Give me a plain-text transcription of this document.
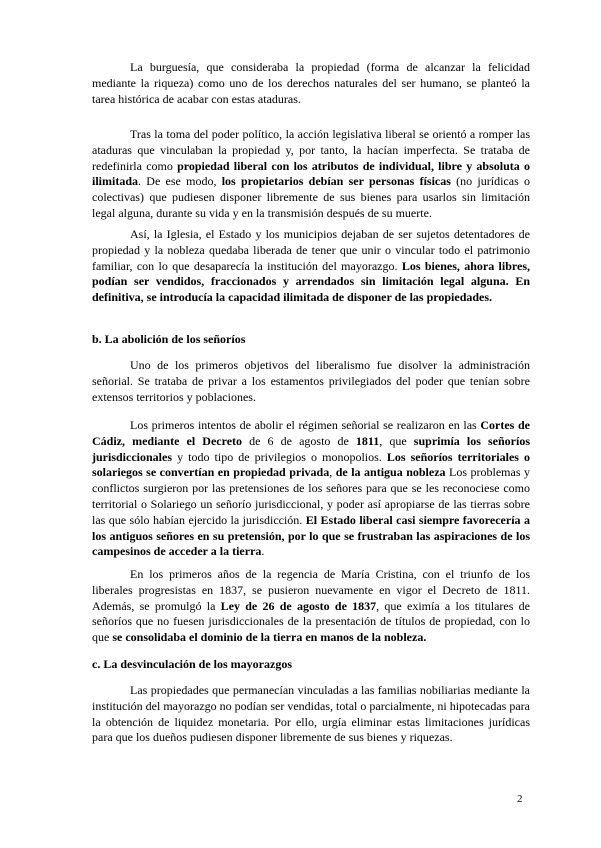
La burguesía, que consideraba la propiedad (forma de alcanzar la felicidad mediante la riqueza) como uno de los derechos naturales del ser humano, se planteó la tarea histórica de acabar con estas ataduras.

Tras la toma del poder político, la acción legislativa liberal se orientó a romper las ataduras que vinculaban la propiedad y, por tanto, la hacían imperfecta. Se trataba de redefinirla como propiedad liberal con los atributos de individual, libre y absoluta o ilimitada. De ese modo, los propietarios debían ser personas físicas (no jurídicas o colectivas) que pudiesen disponer libremente de sus bienes para usarlos sin limitación legal alguna, durante su vida y en la transmisión después de su muerte.

Así, la Iglesia, el Estado y los municipios dejaban de ser sujetos detentadores de propiedad y la nobleza quedaba liberada de tener que unir o vincular todo el patrimonio familiar, con lo que desaparecía la institución del mayorazgo. Los bienes, ahora libres, podían ser vendidos, fraccionados y arrendados sin limitación legal alguna. En definitiva, se introducía la capacidad ilimitada de disponer de las propiedades.

b. La abolición de los señoríos

Uno de los primeros objetivos del liberalismo fue disolver la administración señorial. Se trataba de privar a los estamentos privilegiados del poder que tenían sobre extensos territorios y poblaciones.

Los primeros intentos de abolir el régimen señorial se realizaron en las Cortes de Cádiz, mediante el Decreto de 6 de agosto de 1811, que suprimía los señoríos jurisdiccionales y todo tipo de privilegios o monopolios. Los señoríos territoriales o solariegos se convertían en propiedad privada, de la antigua nobleza Los problemas y conflictos surgieron por las pretensiones de los señores para que se les reconociese como territorial o Solariego un señorío jurisdiccional, y poder así apropiarse de las tierras sobre las que sólo habían ejercido la jurisdicción. El Estado liberal casi siempre favorecería a los antiguos señores en su pretensión, por lo que se frustraban las aspiraciones de los campesinos de acceder a la tierra.

En los primeros años de la regencia de María Cristina, con el triunfo de los liberales progresistas en 1837, se pusieron nuevamente en vigor el Decreto de 1811. Además, se promulgó la Ley de 26 de agosto de 1837, que eximía a los titulares de señoríos que no fuesen jurisdiccionales de la presentación de títulos de propiedad, con lo que se consolidaba el dominio de la tierra en manos de la nobleza.

c. La desvinculación de los mayorazgos

Las propiedades que permanecían vinculadas a las familias nobiliarias mediante la institución del mayorazgo no podían ser vendidas, total o parcialmente, ni hipotecadas para la obtención de liquidez monetaria. Por ello, urgía eliminar estas limitaciones jurídicas para que los dueños pudiesen disponer libremente de sus bienes y riquezas.

2
